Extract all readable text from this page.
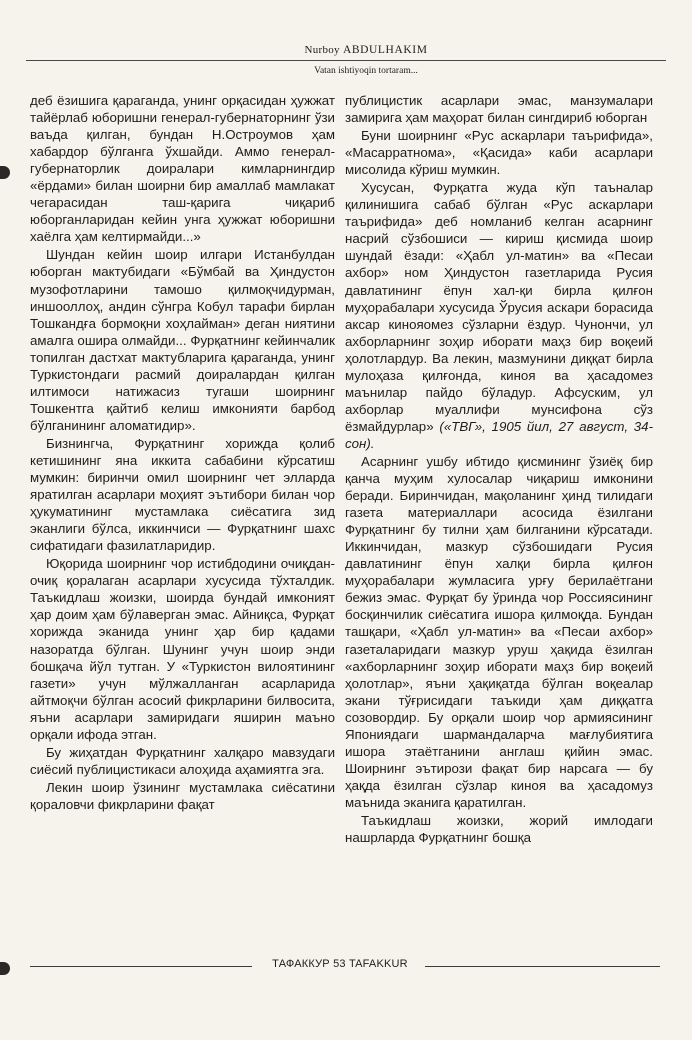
Nurboy ABDULHAKIM
Vatan ishtiyoqin tortaram...

деб ёзишига қараганда, унинг орқасидан ҳужжат тайёрлаб юборишни генерал-губернаторнинг ўзи ваъда қилган, бундан Н.Остроумов ҳам хабардор бўлганга ўхшайди. Аммо генерал-губернаторлик доиралари кимларнингдир «ёрдами» билан шоирни бир амаллаб мамлакат чегарасидан таш-қарига чиқариб юборганларидан кейин унга ҳужжат юборишни хаёлга ҳам келтирмайди...»

Шундан кейин шоир илгари Истанбулдан юборган мактубидаги «Бўмбай ва Ҳиндустон музофотларини тамошо қилмоқчидурман, иншооллоҳ, андин сўнгра Кобул тарафи бирлан Тошкандға бормоқни хоҳлайман» деган ниятини амалга ошира олмайди... Фурқатнинг кейинчалик топилган дастхат мактубларига қараганда, унинг Туркистондаги расмий доиралардан қилган илтимоси натижасиз тугаши шоирнинг Тошкентга қайтиб келиш имконияти барбод бўлганининг аломатидир».

Бизнингча, Фурқатнинг хорижда қолиб кетишининг яна иккита сабабини кўрсатиш мумкин: биринчи омил шоирнинг чет элларда яратилган асарлари моҳият эътибори билан чор ҳукуматининг мустамлака сиёсатига зид эканлиги бўлса, иккинчиси — Фурқатнинг шахс сифатидаги фазилатларидир.

Юқорида шоирнинг чор истибдодини очиқдан-очиқ қоралаган асарлари хусусида тўхталдик. Таъкидлаш жоизки, шоирда бундай имконият ҳар доим ҳам бўлаверган эмас. Айниқса, Фурқат хорижда эканида унинг ҳар бир қадами назоратда бўлган. Шунинг учун шоир энди бошқача йўл тутган. У «Туркистон вилоятининг газети» учун мўлжалланган асарларида айтмоқчи бўлган асосий фикрларини билвосита, яъни асарлари замиридаги яширин маъно орқали ифода этган.

Бу жиҳатдан Фурқатнинг халқаро мавзудаги сиёсий публицистикаси алоҳида аҳамиятга эга.

Лекин шоир ўзининг мустамлака сиёсатини қораловчи фикрларини фақат

публицистик асарлари эмас, манзумалари замирига ҳам маҳорат билан сингдириб юборган

Буни шоирнинг «Рус аскарлари таърифида», «Масарратнома», «Қасида» каби асарлари мисолида кўриш мумкин.

Хусусан, Фурқатга жуда кўп таъналар қилинишига сабаб бўлган «Рус аскарлари таърифида» деб номланиб келган асарнинг насрий сўзбошиси — кириш қисмида шоир шундай ёзади: «Ҳабл ул-матин» ва «Песаи ахбор» ном Ҳиндустон газетларида Русия давлатининг ёпун хал-қи бирла қилғон муҳорабалари хусусида Ўрусия аскари борасида аксар кинояомез сўзларни ёздур. Чунончи, ул ахборларнинг зоҳир иборати маҳз бир воқеий ҳолотлардур. Ва лекин, мазмунини диққат бирла мулоҳаза қилғонда, киноя ва ҳасадомез маънилар пайдо бўладур. Афсуским, ул ахборлар муаллифи мунсифона сўз ёзмайдурлар» («ТВГ», 1905 йил, 27 август, 34-сон).

Асарнинг ушбу ибтидо қисмининг ўзиёқ бир қанча муҳим хулосалар чиқариш имконини беради. Биринчидан, мақоланинг ҳинд тилидаги газета материаллари асосида ёзилгани Фурқатнинг бу тилни ҳам билганини кўрсатади. Иккинчидан, мазкур сўзбошидаги Русия давлатининг ёпун халқи бирла қилғон муҳорабалари жумласига урғу берилаётгани бежиз эмас. Фурқат бу ўринда чор Россиясининг босқинчилик сиёсатига ишора қилмоқда. Бундан ташқари, «Ҳабл ул-матин» ва «Песаи ахбор» газеталаридаги мазкур уруш ҳақида ёзилган «ахборларнинг зоҳир иборати маҳз бир воқеий ҳолотлар», яъни ҳақиқатда бўлган воқеалар экани тўғрисидаги таъкиди ҳам диққатга созовордир. Бу орқали шоир чор армиясининг Япониядаги шармандаларча мағлубиятига ишора этаётганини англаш қийин эмас. Шоирнинг эътирози фақат бир нарсага — бу ҳақда ёзилган сўзлар киноя ва ҳасадомуз маънида эканига қаратилган.

Таъкидлаш жоизки, жорий имлодаги нашрларда Фурқатнинг бошқа

ТАФАККУР 53 TAFAKKUR
